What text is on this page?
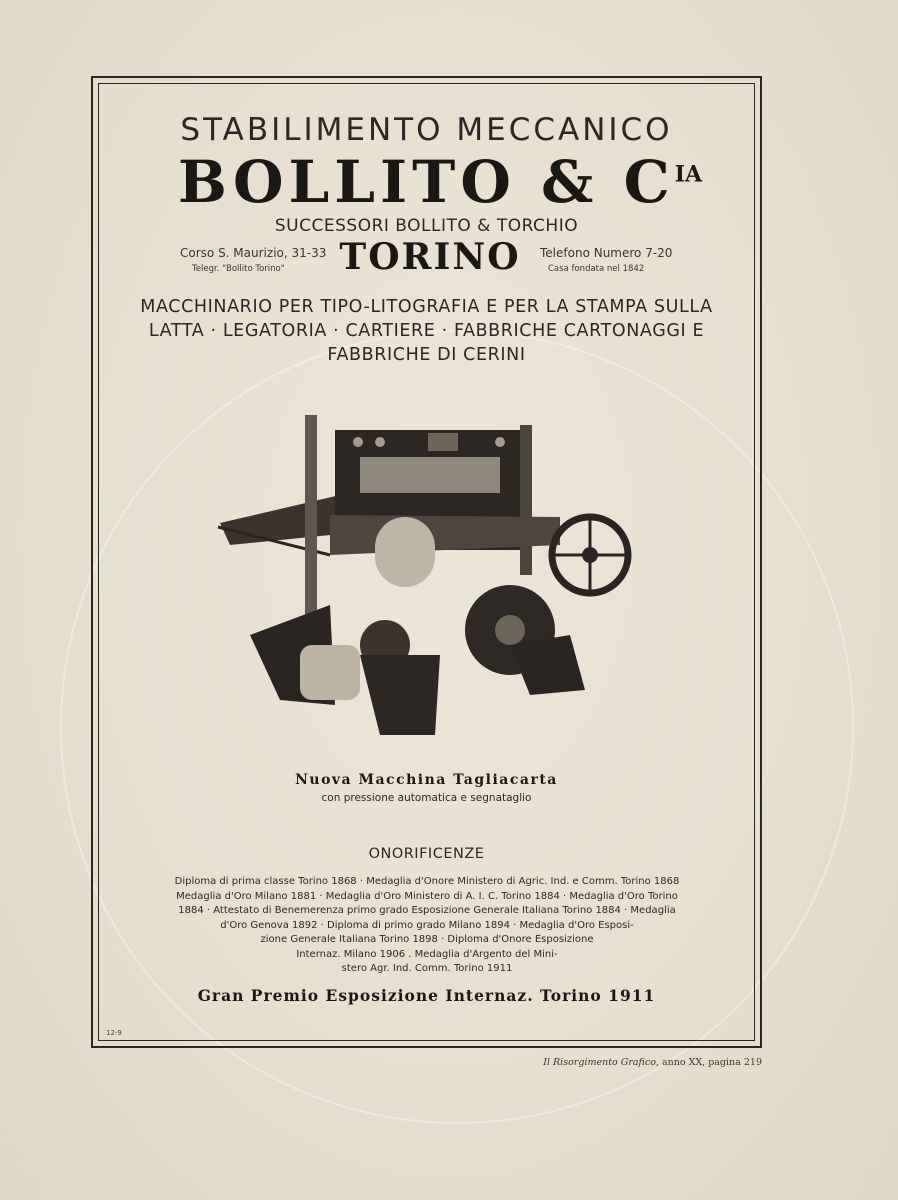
STABILIMENTO MECCANICO
BOLLITO & $C^{IA}$
SUCCESSORI BOLLITO & TORCHIO
Corso S. Maurizio, 31-33
Telegr. "Bollito Torino" TORINO	Telefono Numero 7-20
Casa fondata nel 1842
MACCHINARIO PER TIPO-LITOGRAFIA E PER LA STAMPA SULLA
LATTA · LEGATORIA · CARTIERE · FABBRICHE CARTONAGGI E
FABBRICHE DI CERINI
Nuova Macchina Tagliacarta
con pressione automatica e segnataglio
ONORIFICENZE
Diploma di prima classe Torino 1868 · Medaglia d'Onore Ministero di Agric. Ind. e Comm. Torino 1868
Medaglia d'Oro Milano 1881 · Medaglia d'Oro Ministero di A. I. C. Torino 1884 · Medaglia d'Oro Torino
1884 · Attestato di Benemerenza primo grado Esposizione Generale Italiana Torino 1884 · Medaglia
d'Oro Genova 1892 · Diploma di primo grado Milano 1894 · Medaglia d'Oro Esposi-
zione Generale Italiana Torino 1898 · Diploma d'Onore Esposizione
Internaz. Milano 1906 . Medaglia d'Argento del Mini-
stero Agr. Ind. Comm. Torino 1911
Gran Premio Esposizione Internaz. Torino 1911
12-9
Il Risorgimento Grafico, anno XX, pagina 219
